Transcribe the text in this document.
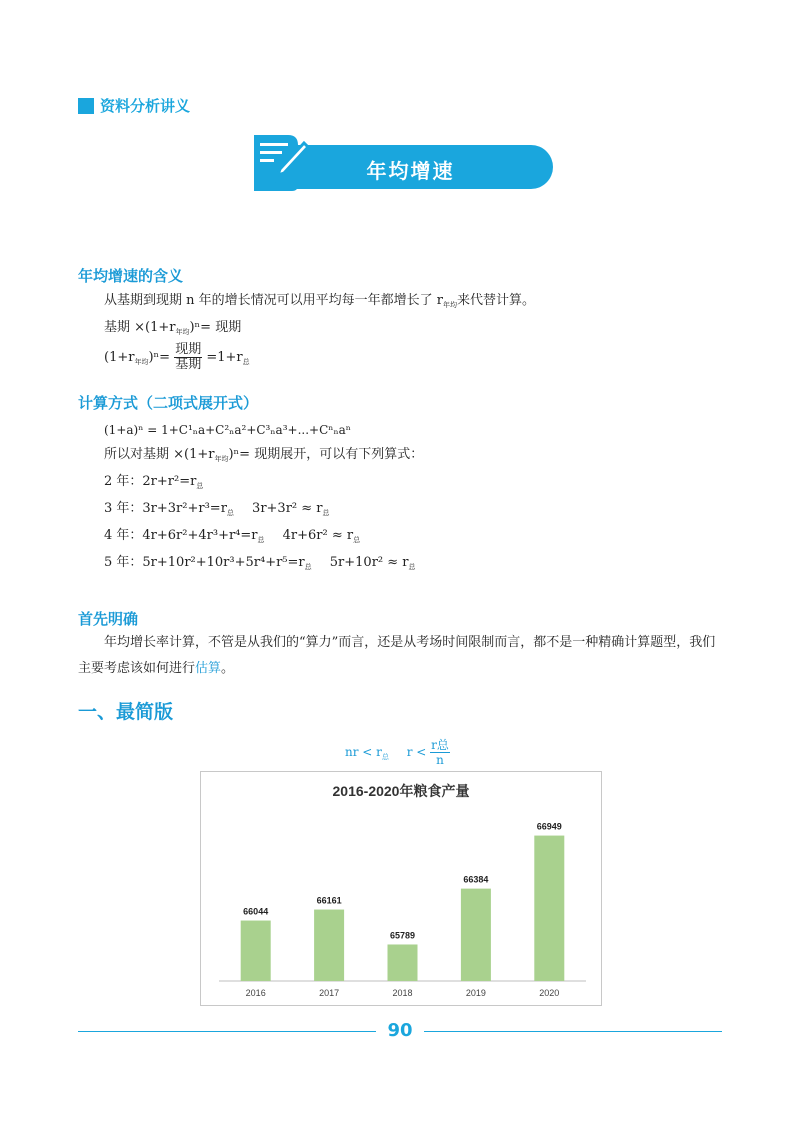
资料分析讲义
年均增速
年均增速的含义
从基期到现期 n 年的增长情况可以用平均每一年都增长了 $r_{年均}$来代替计算。
基期 $\times(1+r_{年均})^n=$ 现期
$(1+r_{年均})^n= \frac{\text{现期}}{\text{基期}} =1+r_总$
计算方式（二项式展开式）
(1+a)ⁿ = 1+C¹ₙa+C²ₙa²+C³ₙa³+...+Cⁿₙaⁿ
所以对基期 $\times(1+r_{年均})^n=$ 现期展开，可以有下列算式：
2 年：$2r+r^2=r_总$
3 年：$3r+3r^2+r^3=r_总$ $3r+3r^2 \approx r_总$
4 年：$4r+6r^2+4r^3+r^4=r_总$ $4r+6r^2 \approx r_总$
5 年：$5r+10r^2+10r^3+5r^4+r^5=r_总$ $5r+10r^2 \approx r_总$
首先明确
年均增长率计算，不管是从我们的“算力”而言，还是从考场时间限制而言，都不是一种精确计算题型，我们主要考虑该如何进行估算。
一、最简版
nr < $r_总$ $r < \frac{\text{r总}}{n}$
2016-2020年粮食产量
66044
2016
66161
2017
65789
2018
66384
2019
66949
2020
90
